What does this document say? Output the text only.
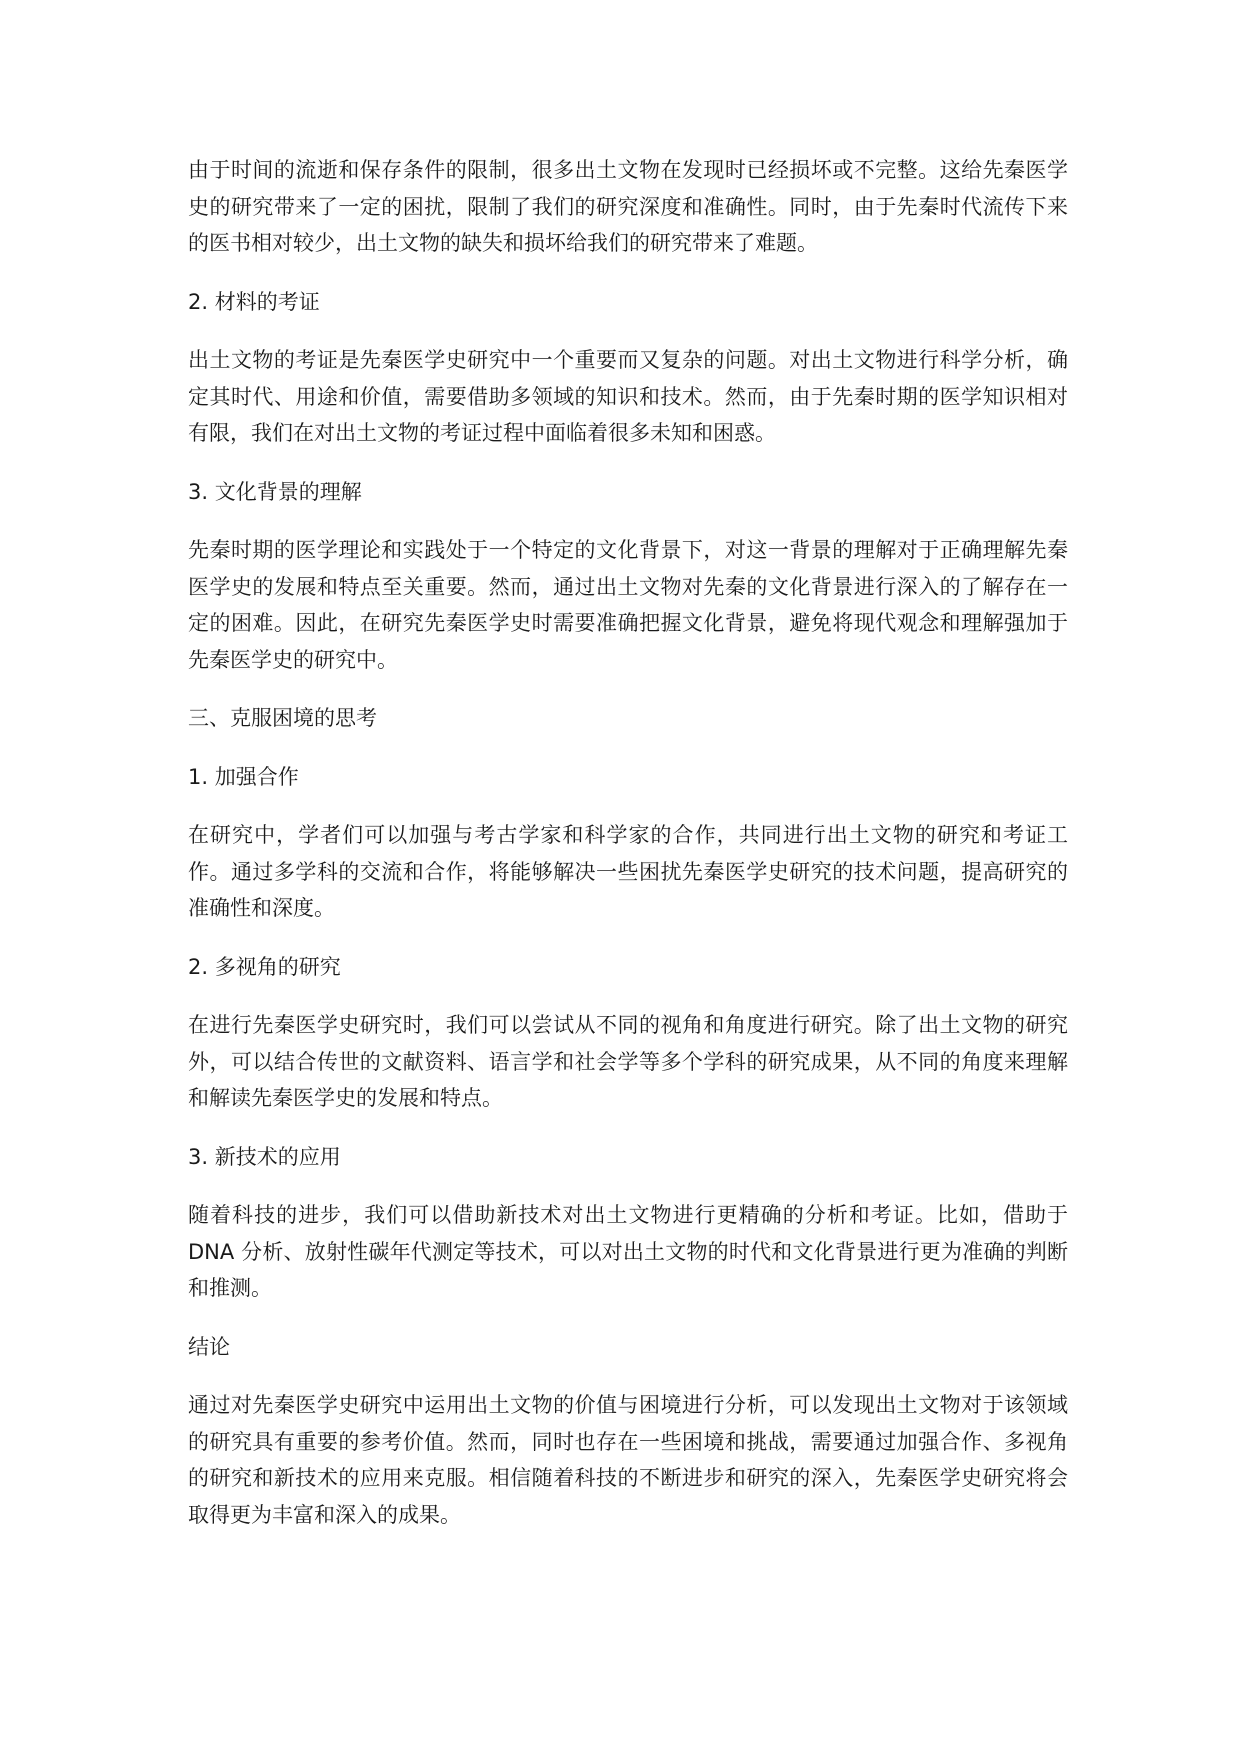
由于时间的流逝和保存条件的限制，很多出土文物在发现时已经损坏或不完整。这给先秦医学史的研究带来了一定的困扰，限制了我们的研究深度和准确性。同时，由于先秦时代流传下来的医书相对较少，出土文物的缺失和损坏给我们的研究带来了难题。

2. 材料的考证

出土文物的考证是先秦医学史研究中一个重要而又复杂的问题。对出土文物进行科学分析，确定其时代、用途和价值，需要借助多领域的知识和技术。然而，由于先秦时期的医学知识相对有限，我们在对出土文物的考证过程中面临着很多未知和困惑。

3. 文化背景的理解

先秦时期的医学理论和实践处于一个特定的文化背景下，对这一背景的理解对于正确理解先秦医学史的发展和特点至关重要。然而，通过出土文物对先秦的文化背景进行深入的了解存在一定的困难。因此，在研究先秦医学史时需要准确把握文化背景，避免将现代观念和理解强加于先秦医学史的研究中。

三、克服困境的思考

1. 加强合作

在研究中，学者们可以加强与考古学家和科学家的合作，共同进行出土文物的研究和考证工作。通过多学科的交流和合作，将能够解决一些困扰先秦医学史研究的技术问题，提高研究的准确性和深度。

2. 多视角的研究

在进行先秦医学史研究时，我们可以尝试从不同的视角和角度进行研究。除了出土文物的研究外，可以结合传世的文献资料、语言学和社会学等多个学科的研究成果，从不同的角度来理解和解读先秦医学史的发展和特点。

3. 新技术的应用

随着科技的进步，我们可以借助新技术对出土文物进行更精确的分析和考证。比如，借助于 DNA 分析、放射性碳年代测定等技术，可以对出土文物的时代和文化背景进行更为准确的判断和推测。

结论

通过对先秦医学史研究中运用出土文物的价值与困境进行分析，可以发现出土文物对于该领域的研究具有重要的参考价值。然而，同时也存在一些困境和挑战，需要通过加强合作、多视角的研究和新技术的应用来克服。相信随着科技的不断进步和研究的深入，先秦医学史研究将会取得更为丰富和深入的成果。
